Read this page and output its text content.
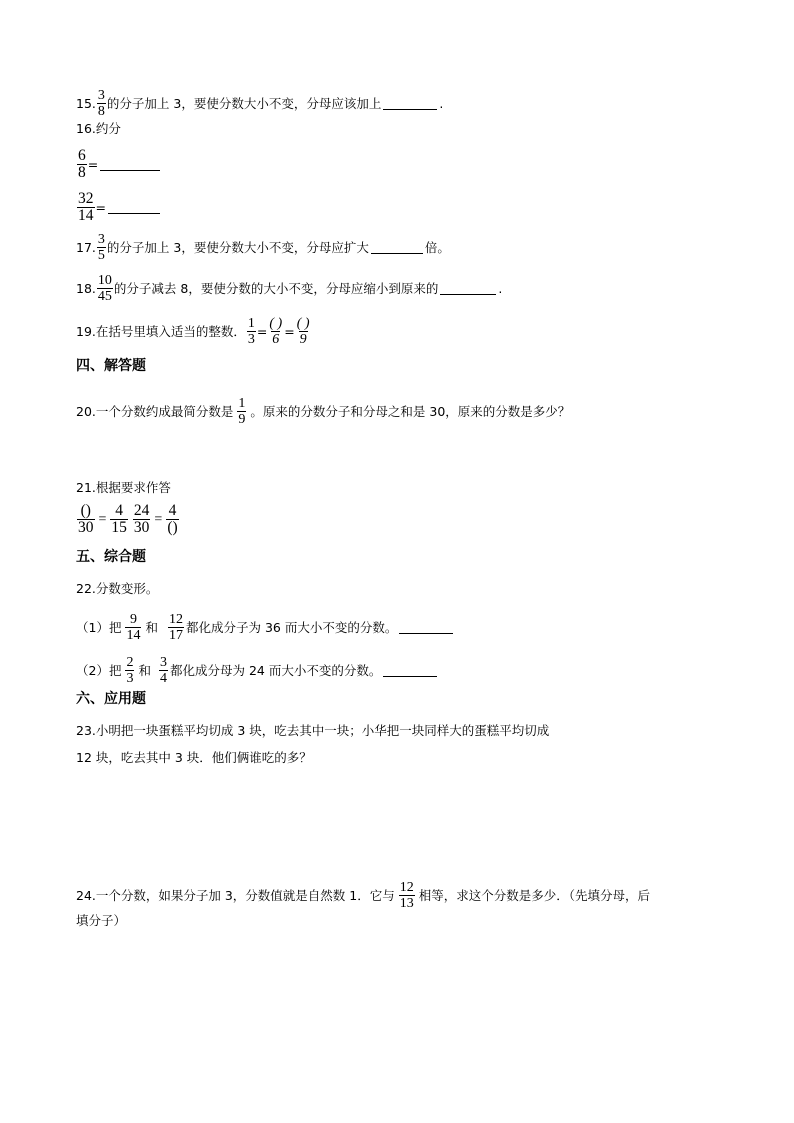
15. $\frac{3}{8}$ 的分子加上 3，要使分数大小不变，分母应该加上	.
16.约分
$\frac{6}{8}$ =
$\frac{32}{14}$ =
17. $\frac{3}{5}$ 的分子加上 3，要使分数大小不变，分母应扩大	倍。
18. $\frac{10}{45}$ 的分子减去 8，要使分数的大小不变，分母应缩小到原来的	.
19.在括号里填入适当的整数． $\frac{1}{3} = \frac{( )}{6} = \frac{( )}{9}$
四、解答题
20.一个分数约成最简分数是 $\frac{1}{9}$ 。原来的分数分子和分母之和是 30，原来的分数是多少？
21.根据要求作答
$\frac{()}{30} = \frac{4}{15} \frac{24}{30} = \frac{4}{()}$
五、综合题
22.分数变形。
（1）把 $\frac{9}{14}$ 和 $\frac{12}{17}$ 都化成分子为 36 而大小不变的分数。
（2）把 $\frac{2}{3}$ 和 $\frac{3}{4}$ 都化成分母为 24 而大小不变的分数。
六、应用题
23.小明把一块蛋糕平均切成 3 块，吃去其中一块；小华把一块同样大的蛋糕平均切成
12 块，吃去其中 3 块．他们俩谁吃的多？
24.一个分数，如果分子加 3，分数值就是自然数 1．它与 $\frac{12}{13}$ 相等，求这个分数是多少．（先填分母，后
填分子）
